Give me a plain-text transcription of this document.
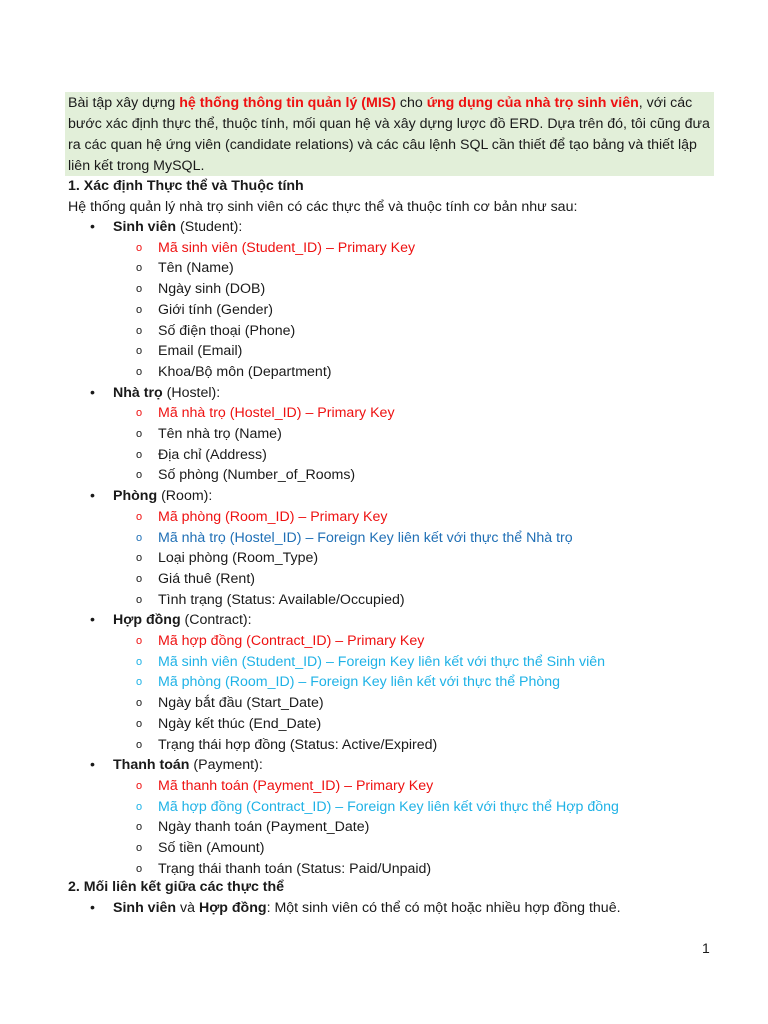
Bài tập xây dựng hệ thống thông tin quản lý (MIS) cho ứng dụng của nhà trọ sinh viên, với các bước xác định thực thể, thuộc tính, mối quan hệ và xây dựng lược đồ ERD. Dựa trên đó, tôi cũng đưa ra các quan hệ ứng viên (candidate relations) và các câu lệnh SQL cần thiết để tạo bảng và thiết lập liên kết trong MySQL.
1. Xác định Thực thể và Thuộc tính
Hệ thống quản lý nhà trọ sinh viên có các thực thể và thuộc tính cơ bản như sau:
•	Sinh viên (Student):
o Mã sinh viên (Student_ID) – Primary Key
o Tên (Name)
o Ngày sinh (DOB)
o Giới tính (Gender)
o Số điện thoại (Phone)
o Email (Email)
o Khoa/Bộ môn (Department)
•	Nhà trọ (Hostel):
o Mã nhà trọ (Hostel_ID) – Primary Key
o Tên nhà trọ (Name)
o Địa chỉ (Address)
o Số phòng (Number_of_Rooms)
•	Phòng (Room):
o Mã phòng (Room_ID) – Primary Key
o Mã nhà trọ (Hostel_ID) – Foreign Key liên kết với thực thể Nhà trọ
o Loại phòng (Room_Type)
o Giá thuê (Rent)
o Tình trạng (Status: Available/Occupied)
•	Hợp đồng (Contract):
o Mã hợp đồng (Contract_ID) – Primary Key
o Mã sinh viên (Student_ID) – Foreign Key liên kết với thực thể Sinh viên
o Mã phòng (Room_ID) – Foreign Key liên kết với thực thể Phòng
o Ngày bắt đầu (Start_Date)
o Ngày kết thúc (End_Date)
o Trạng thái hợp đồng (Status: Active/Expired)
•	Thanh toán (Payment):
o Mã thanh toán (Payment_ID) – Primary Key
o Mã hợp đồng (Contract_ID) – Foreign Key liên kết với thực thể Hợp đồng
o Ngày thanh toán (Payment_Date)
o Số tiền (Amount)
o Trạng thái thanh toán (Status: Paid/Unpaid)
2. Mối liên kết giữa các thực thể
•	Sinh viên và Hợp đồng: Một sinh viên có thể có một hoặc nhiều hợp đồng thuê.
1
